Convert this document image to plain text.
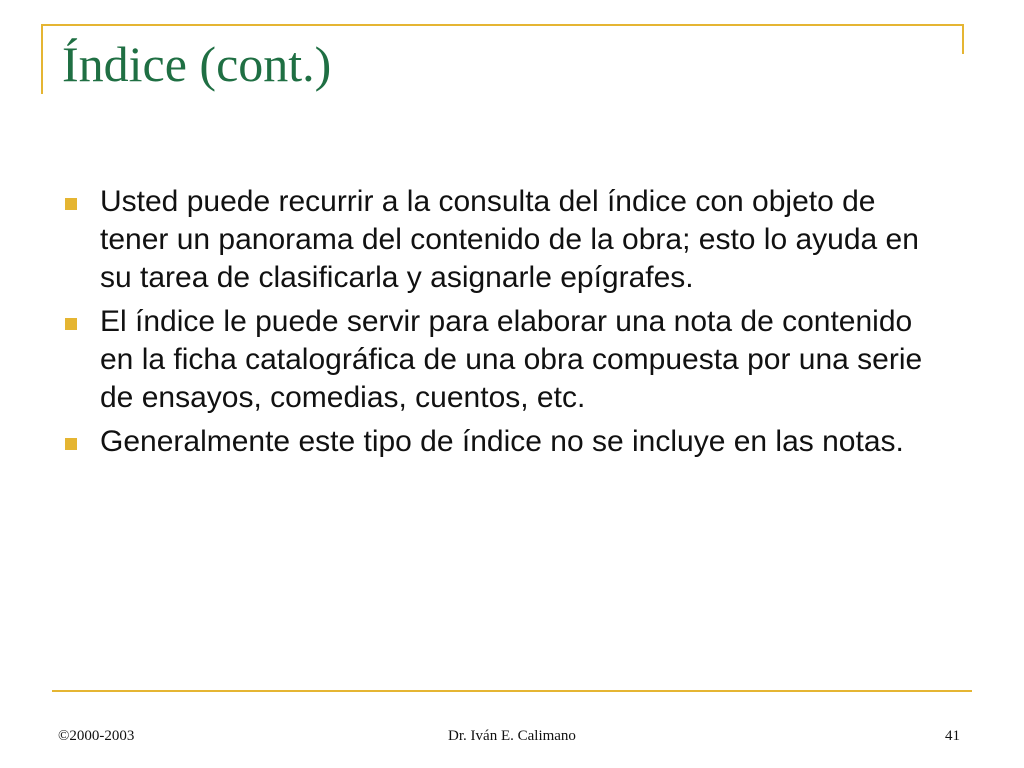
Índice (cont.)
Usted puede recurrir a la consulta del índice con objeto de tener un panorama del contenido de la obra; esto lo ayuda en su tarea de clasificarla y asignarle epígrafes.
El índice le puede servir para elaborar una nota de contenido en la ficha catalográfica de una obra compuesta por una serie de ensayos, comedias, cuentos, etc.
Generalmente este tipo de índice no se incluye en las notas.
©2000-2003	Dr. Iván E. Calimano	41
